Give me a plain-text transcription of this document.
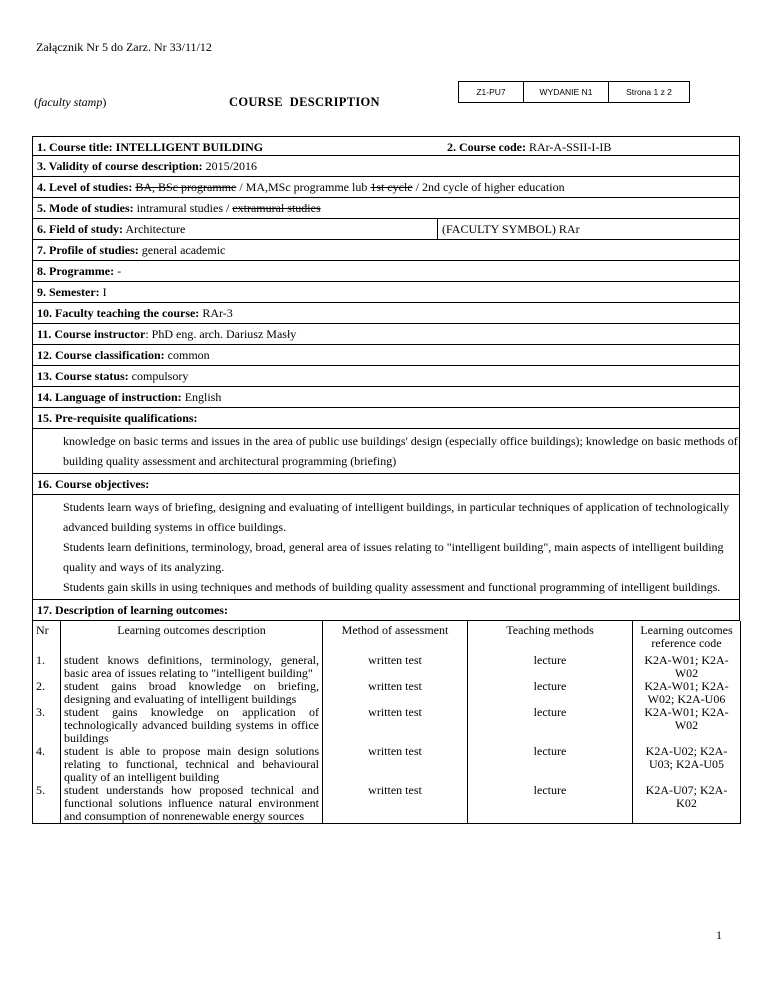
Załącznik Nr 5 do Zarz. Nr 33/11/12
(faculty stamp)	COURSE  DESCRIPTION
Z1-PU7	WYDANIE N1	Strona 1 z 2
1. Course title: INTELLIGENT BUILDING	2. Course code: RAr-A-SSII-I-IB
3. Validity of course description: 2015/2016
4. Level of studies: BA, BSc programme / MA,MSc programme lub 1st cycle / 2nd cycle of higher education
5. Mode of studies: intramural studies / extramural studies
6. Field of study: Architecture	(FACULTY SYMBOL) RAr
7. Profile of studies: general academic
8. Programme: -
9. Semester: I
10. Faculty teaching the course: RAr-3
11. Course instructor: PhD eng. arch. Dariusz Masły
12. Course classification: common
13. Course status: compulsory
14. Language of instruction: English
15. Pre-requisite qualifications:
knowledge on basic terms and issues in the area of public use buildings' design (especially office buildings); knowledge on basic methods of building quality assessment and architectural programming (briefing)
16. Course objectives:
Students learn ways of briefing, designing and evaluating of intelligent buildings, in particular techniques of application of technologically advanced building systems in office buildings.
Students learn definitions, terminology, broad, general area of issues relating to "intelligent building", main aspects of intelligent building quality and ways of its analyzing.
Students gain skills in using techniques and methods of building quality assessment and functional programming of intelligent buildings.
17. Description of learning outcomes:
Nr	Learning outcomes description	Method of assessment	Teaching methods	Learning outcomes reference code
1.	student knows definitions, terminology, general, basic area of issues relating to "intelligent building"	written test	lecture	K2A-W01; K2A-W02
2.	student gains broad knowledge on briefing, designing and evaluating of intelligent buildings	written test	lecture	K2A-W01; K2A-W02; K2A-U06
3.	student gains knowledge on application of technologically advanced building systems in office buildings	written test	lecture	K2A-W01; K2A-W02
4.	student is able to propose main design solutions relating to functional, technical and behavioural quality of an intelligent building	written test	lecture	K2A-U02; K2A-U03; K2A-U05
5.	student understands how proposed technical and functional solutions influence natural environment and consumption of nonrenewable energy sources	written test	lecture	K2A-U07; K2A-K02
1
